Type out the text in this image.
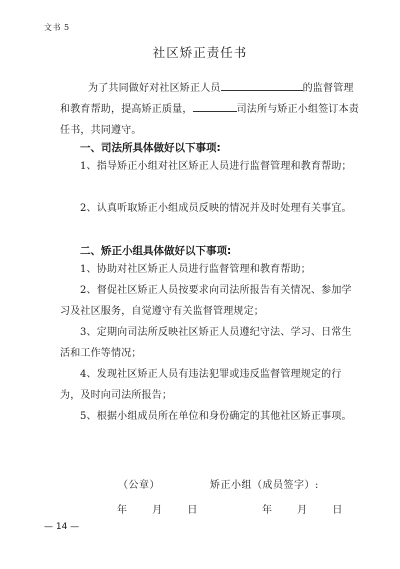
文书 5
社区矫正责任书
为了共同做好对社区矫正人员	的监督管理和教育帮助，提高矫正质量，	司法所与矫正小组签订本责任书，共同遵守。
一、司法所具体做好以下事项:
1、指导矫正小组对社区矫正人员进行监督管理和教育帮助；
2、认真听取矫正小组成员反映的情况并及时处理有关事宜。
二、矫正小组具体做好以下事项:
1、协助对社区矫正人员进行监督管理和教育帮助；
2、督促社区矫正人员按要求向司法所报告有关情况、参加学习及社区服务，自觉遵守有关监督管理规定；
3、定期向司法所反映社区矫正人员遵纪守法、学习、日常生活和工作等情况；
4、发现社区矫正人员有违法犯罪或违反监督管理规定的行为，及时向司法所报告；
5、根据小组成员所在单位和身份确定的其他社区矫正事项。
（公章）	矫正小组（成员签字）:
年 月 日	年 月 日
— 14 —
